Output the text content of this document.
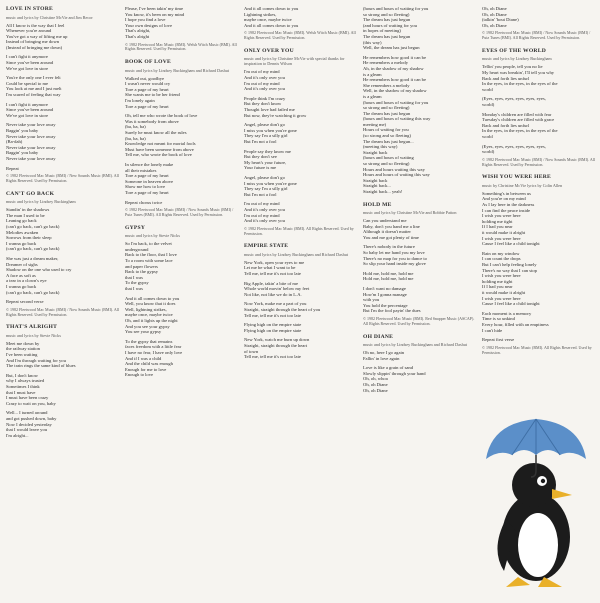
LOVE IN STORE
music and lyrics by Christine McVie and Jim Recor
All I know is the way that I feel
Whenever you're around
You've got a way of lifting me up
Instead of bringing me down
(Instead of bringing me down)
I can't fight it anymore
Since you've been around
We've got love in store
You're the only one I ever felt
Could be special to me
You look at me and I just melt
I'm scared of feeling that way
I can't fight it anymore
Since you've been around
We've got love in store
Never take your love away
Baggin' you baby
Never take your love away
(Ba-dah)
Never take your love away
Baggin' you baby
Never take your love away
Repeat
© 1982 Fleetwood Mac Music (BMI) / New Sounds Music (BMI). All Rights Reserved. Used by Permission.
CAN'T GO BACK
music and lyrics by Lindsey Buckingham
Standin' in the shadows
The man I used to be
Leaning go back
(can't go back, can't go back)
Melodies awaken
Sorrows from their sleep
I wanna go back
(can't go back, can't go back)
She was just a dream maker,
Dreamer of sighs
Shadow on the one who used to cry
A face as soft as
a tear in a clown's eye
I wanna go back
(can't go back, can't go back)
Repeat second verse
© 1982 Fleetwood Mac Music (BMI) / Now Sounds Music (BMI). All Rights Reserved. Used by Permission.
THAT'S ALRIGHT
music and lyrics by Stevie Nicks
Meet me down by
the railway station
I've been waiting
And I'm through waiting for you
The train rings the same kind of blues
But, I don't know
why I always trusted
Sometimes I think
that I must have
I must have been crazy
Crazy to wait on you, baby
Well... I turned around
and got pushed down, baby
Now I decided yesterday
that I would leave you
I'm alright...
Please, I've been takin' my time
You know, it's been on my mind
I hope you find a love
Your own designs of love
That's alright,
That's alright
© 1982 Fleetwood Mac Music (BMI). Welsh Witch Music (BMI). All Rights Reserved. Used by Permission.
BOOK OF LOVE
music and lyrics by Lindsey Buckingham and Richard Dashut
Walked out, goodbye
I wasn't never would cry
Tore a page of my heart
She wants me to be her friend
I'm lonely again
Tore a page of my heart
Oh, tell me who wrote the book of love
Was it somebody from above
(ba, ba, ba)
Surely he must know all the rules
(ba, ba, ba)
Knowledge not meant for mortal fools
Must have been someone from above
Tell me, who wrote the book of love
In silence the lonely make
all their mistakes
Tore a page of my heart
Someone in heaven above
Show me how to love
Tore a page of my heart
Repeat chorus twice
© 1982 Fleetwood Mac Music (BMI) / Now Sounds Music (BMI) / Putz Tunes (BMI). All Rights Reserved. Used by Permission.
GYPSY
music and lyrics by Stevie Nicks
So I'm back, to the velvet
underground
Back to the floor, that I love
To a room with some lace
and paper flowers
Back to the gypsy
that I was
To the gypsy
that I was
And it all comes down to you
Well, you know that it does
Well, lightning strikes,
maybe once, maybe twice
Oh, and it lights up the night
And you see your gypsy
You see your gypsy
To the gypsy that remains
faces freedom with a little fear
I have no fear, I have only love
And if I was a child
And the child was enough
Enough for me to love
Enough to love
And it all comes down to you
Lightning strikes,
maybe once, maybe twice
And it all comes down to you
© 1982 Fleetwood Mac Music (BMI). Welsh Witch Music (BMI). All Rights Reserved. Used by Permission.
ONLY OVER YOU
music and lyrics by Christine McVie with special thanks for inspiration to Dennis Wilson
I'm out of my mind
And it's only over you
I'm out of my mind
And it's only over you
People think I'm crazy
But they don't know
Thought love had failed me
But now, they're watching it grow
Angel, please don't go
I miss you when you're gone
They say I'm a silly girl
But I'm not a fool
People say they know me
But they don't see
My heart's your future,
Your future is me
Angel, please don't go
I miss you when you're gone
They say I'm a silly girl
But I'm not a fool
I'm out of my mind
And it's only over you
I'm out of my mind
And it's only over you
© 1982 Fleetwood Mac Music (BMI). All Rights Reserved. Used by Permission.
EMPIRE STATE
music and lyrics by Lindsey Buckingham and Richard Dashut
New York, open your eyes to me
Let me be what I want to be
Tell me, tell me it's not too late
Big Apple, takin' a bite of me
Whole world movin' below my feet
Not like, not like we do in L.A.
Now York, make me a part of you
Straight, straight through the heart of you
Tell me, tell me it's not too late
Flying high on the empire state
Flying high on the empire state
New York, watch me burn up down
Straight, straight through the heart
of town
Tell me, tell me it's not too late
(hours and hours of waiting for you
so strong and so fleeting)
The dream has just begun
(and hours of waiting for you
in hopes of meeting)
The dream has just begun
(this way)
Well, the dream has just begun
He remembers how good it can be
He remembers a melody
Ah, in the shadow of my shadow
is a gleam
He remembers how good it can be
She remembers a melody
Well, in the shadow of my shadow
is a gleam
(hours and hours of waiting for you
so strong and so fleeting)
The dream has just begun
(hours and hours of waiting this way
meeting me)
Hours of waiting for you
(so strong and so fleeting)
The dream has just begun...
(meeting this way)
Straight back
(hours and hours of waiting
so strong and so fleeting)
Hours and hours waiting this way
Hours and hours of waiting this way
Straight back
Straight back...
Straight back... yeah!
HOLD ME
music and lyrics by Christine McVie and Robbie Patton
Can you understand me
Baby, don't you hand me a line
Although it doesn't matter
You and me got plenty of time
There's nobody in the future
So baby let me hand you my love
There's no map for you to dance to
So slip your hand inside my glove
Hold me, hold me, hold me
Hold me, hold me, hold me
I don't want no damage
How'm I gonna manage
with you
You hold the percentage
But I'm the fool payin' the dues
© 1982 Fleetwood Mac Music (BMI). Red Snapper Music (ASCAP). All Rights Reserved. Used by Permission.
OH DIANE
music and lyrics by Lindsey Buckingham and Richard Dashut
Oh no, here I go again
Fallin' in love again
Love is like a grain of sand
Slowly slippin' through your hand
Oh, oh, whoa
Oh, oh Diane
Oh, oh Diane
Oh, oh Diane
Oh, oh Diane
(talkin' 'bout Diane)
Oh, oh Diane
© 1982 Fleetwood Mac Music (BMI) / Now Sounds Music (BMI) / Putz Tunes (BMI). All Rights Reserved. Used by Permission.
EYES OF THE WORLD
music and lyrics by Lindsey Buckingham
Tellin' you people, tell you no lie
My heart was breakin', I'll tell you why
Back and forth lies unfurl
In the eyes, in the eyes, in the eyes of the
world
(Eyes, eyes, eyes, eyes, eyes, eyes,
world)
Monday's children are filled with fear
Tuesday's children are filled with grace
Back and forth lies unfurl
In the eyes, in the eyes, in the eyes of the
world
(Eyes, eyes, eyes, eyes, eyes, eyes,
world)
© 1982 Fleetwood Mac Music (BMI) / Now Sounds Music (BMI). All Rights Reserved. Used by Permission.
WISH YOU WERE HERE
music by Christine McVie lyrics by Colin Allen
Something's in between us
And you're on my mind
As I lay here in the darkness
I can find the peace inside
I wish you were here
holding me tight
If I had you near
it would make it alright
I wish you were here
Cause I feel like a child tonight
Rain on my window
I can count the drops
But I can't help feeling lonely
There's no way that I can stop
I wish you were here
holding me tight
If I had you near
it would make it alright
I wish you were here
Cause I feel like a child tonight
Each moment is a memory
Time is so unkind
Every hour, filled with an emptiness
I can't hide
Repeat first verse
© 1982 Fleetwood Mac Music (BMI). All Rights Reserved. Used by Permission.
